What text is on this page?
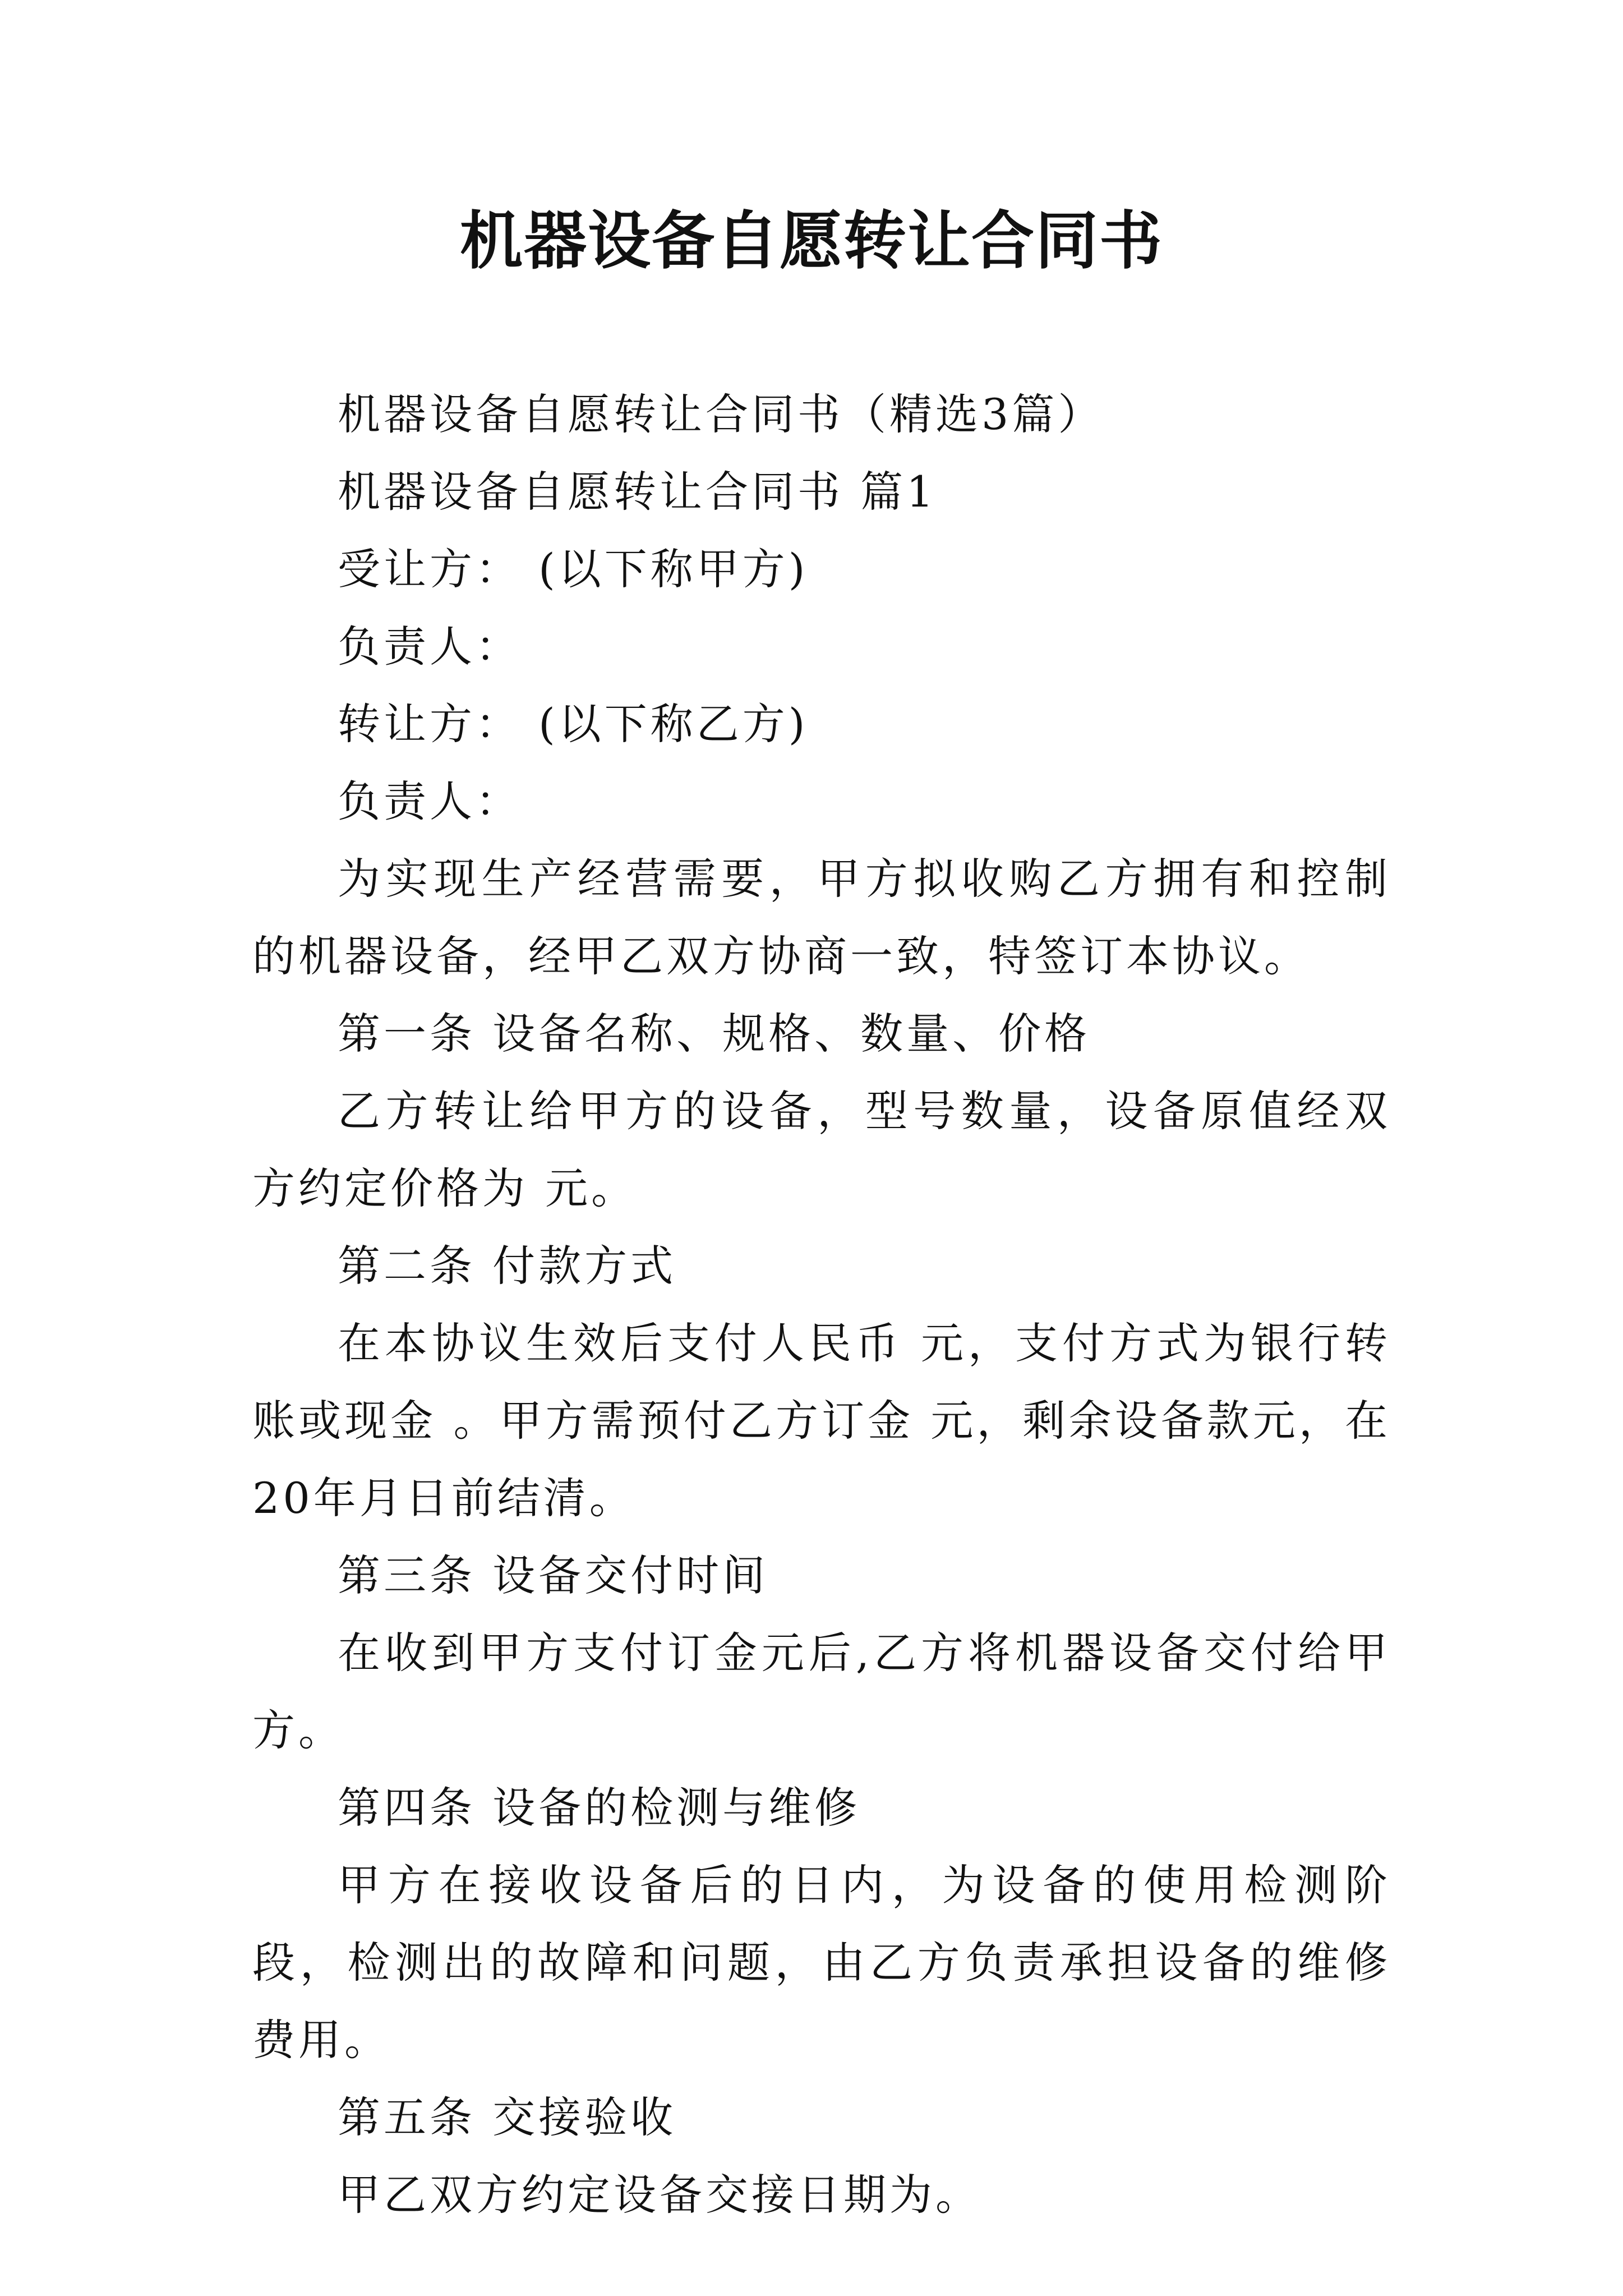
机器设备自愿转让合同书

机器设备自愿转让合同书（精选3篇）

机器设备自愿转让合同书 篇1

受让方： (以下称甲方)

负责人：

转让方： (以下称乙方)

负责人：

为实现生产经营需要，甲方拟收购乙方拥有和控制的机器设备，经甲乙双方协商一致，特签订本协议。

第一条 设备名称、规格、数量、价格

乙方转让给甲方的设备，型号数量，设备原值经双方约定价格为 元。

第二条 付款方式

在本协议生效后支付人民币 元，支付方式为银行转账或现金 。甲方需预付乙方订金 元，剩余设备款元，在20年月日前结清。

第三条 设备交付时间

在收到甲方支付订金元后,乙方将机器设备交付给甲方。

第四条 设备的检测与维修

甲方在接收设备后的日内，为设备的使用检测阶段，检测出的故障和问题，由乙方负责承担设备的维修费用。

第五条 交接验收

甲乙双方约定设备交接日期为。
